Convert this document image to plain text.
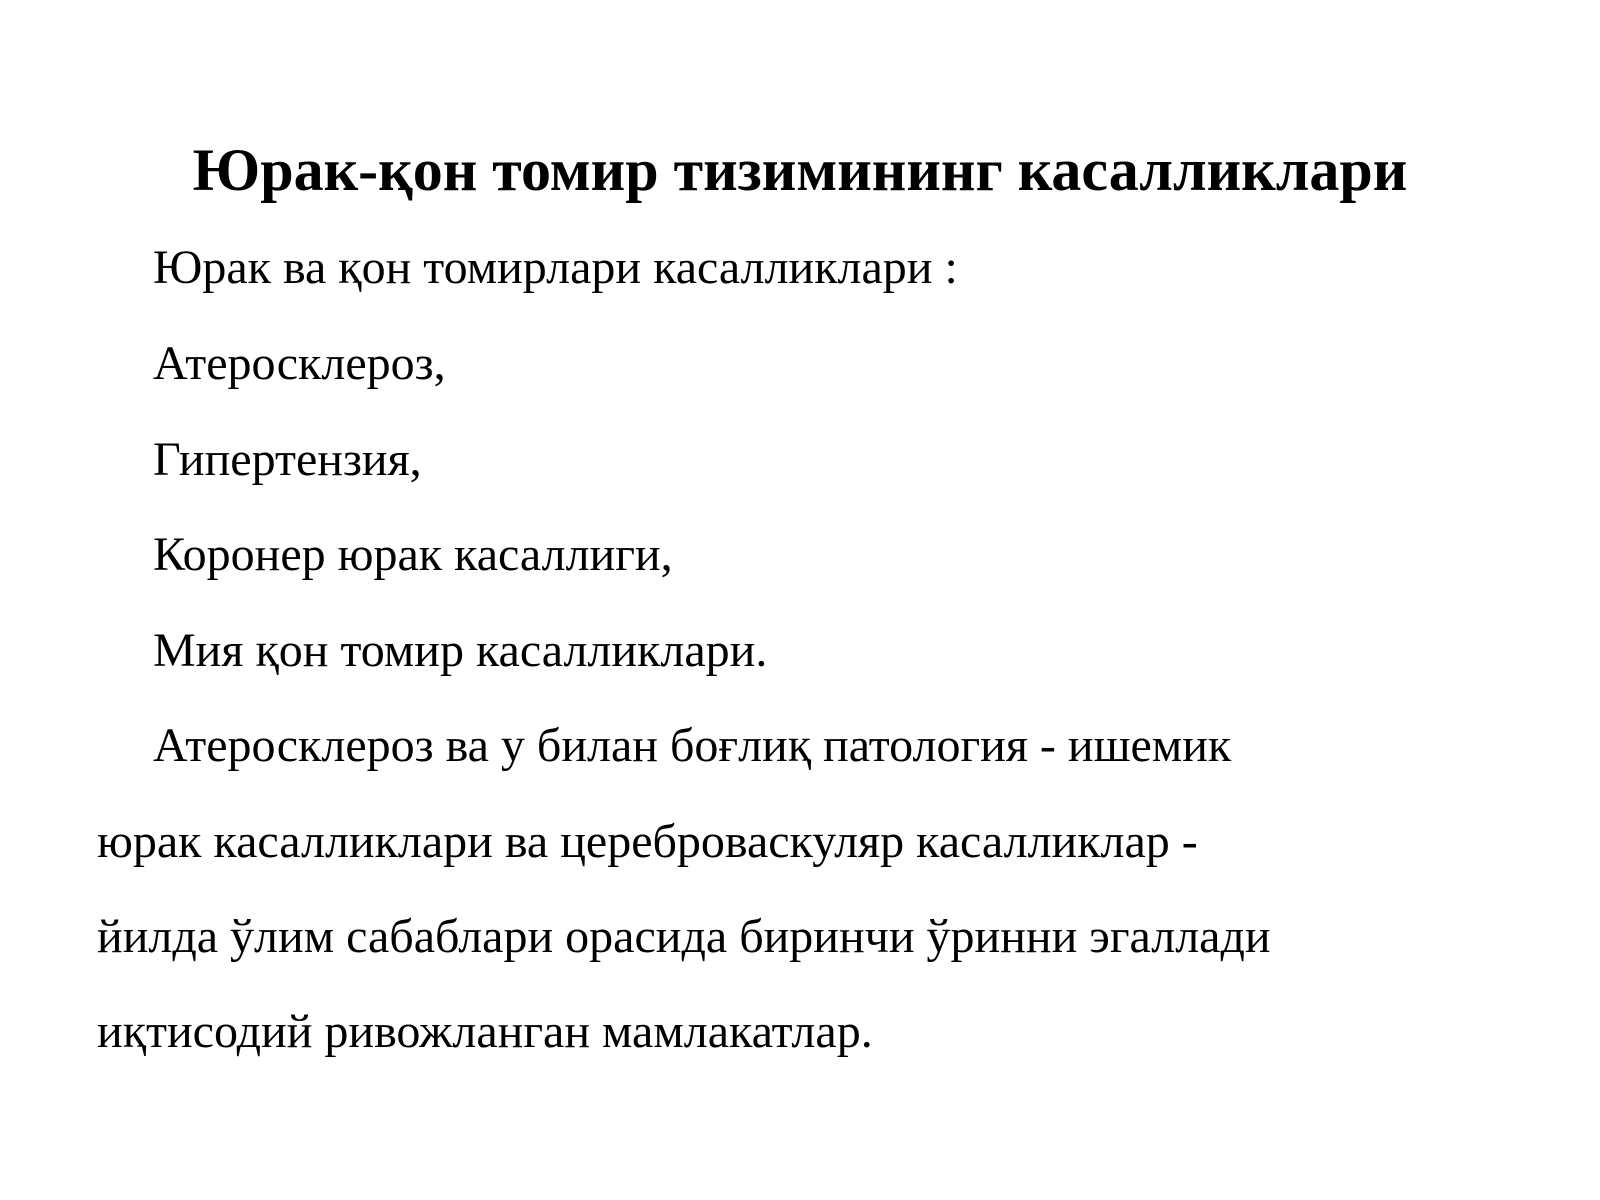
Юрак-қон томир тизимининг касалликлари

Юрак ва қон томирлари касалликлари :

Атеросклероз,

Гипертензия,

Коронер юрак касаллиги,

Мия қон томир касалликлари.

Атеросклероз ва у билан боғлиқ патология - ишемик

юрак касалликлари ва цереброваскуляр касалликлар -

йилда ўлим сабаблари орасида биринчи ўринни эгаллади

иқтисодий ривожланган мамлакатлар.
